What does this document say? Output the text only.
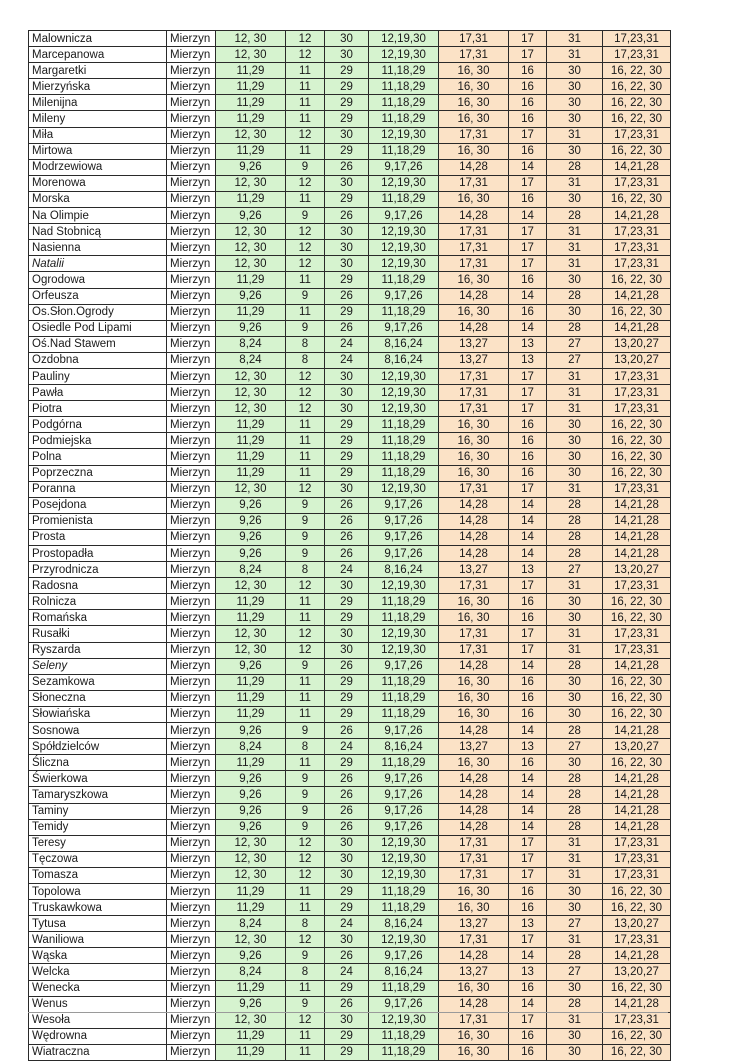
Malownicza	Mierzyn	12, 30	12	30	12,19,30	17,31	17	31	17,23,31
Marcepanowa	Mierzyn	12, 30	12	30	12,19,30	17,31	17	31	17,23,31
Margaretki	Mierzyn	11,29	11	29	11,18,29	16, 30	16	30	16, 22, 30
Mierzyńska	Mierzyn	11,29	11	29	11,18,29	16, 30	16	30	16, 22, 30
Milenijna	Mierzyn	11,29	11	29	11,18,29	16, 30	16	30	16, 22, 30
Mileny	Mierzyn	11,29	11	29	11,18,29	16, 30	16	30	16, 22, 30
Miła	Mierzyn	12, 30	12	30	12,19,30	17,31	17	31	17,23,31
Mirtowa	Mierzyn	11,29	11	29	11,18,29	16, 30	16	30	16, 22, 30
Modrzewiowa	Mierzyn	9,26	9	26	9,17,26	14,28	14	28	14,21,28
Morenowa	Mierzyn	12, 30	12	30	12,19,30	17,31	17	31	17,23,31
Morska	Mierzyn	11,29	11	29	11,18,29	16, 30	16	30	16, 22, 30
Na Olimpie	Mierzyn	9,26	9	26	9,17,26	14,28	14	28	14,21,28
Nad Stobnicą	Mierzyn	12, 30	12	30	12,19,30	17,31	17	31	17,23,31
Nasienna	Mierzyn	12, 30	12	30	12,19,30	17,31	17	31	17,23,31
Natalii	Mierzyn	12, 30	12	30	12,19,30	17,31	17	31	17,23,31
Ogrodowa	Mierzyn	11,29	11	29	11,18,29	16, 30	16	30	16, 22, 30
Orfeusza	Mierzyn	9,26	9	26	9,17,26	14,28	14	28	14,21,28
Os.Słon.Ogrody	Mierzyn	11,29	11	29	11,18,29	16, 30	16	30	16, 22, 30
Osiedle Pod Lipami	Mierzyn	9,26	9	26	9,17,26	14,28	14	28	14,21,28
Oś.Nad Stawem	Mierzyn	8,24	8	24	8,16,24	13,27	13	27	13,20,27
Ozdobna	Mierzyn	8,24	8	24	8,16,24	13,27	13	27	13,20,27
Pauliny	Mierzyn	12, 30	12	30	12,19,30	17,31	17	31	17,23,31
Pawła	Mierzyn	12, 30	12	30	12,19,30	17,31	17	31	17,23,31
Piotra	Mierzyn	12, 30	12	30	12,19,30	17,31	17	31	17,23,31
Podgórna	Mierzyn	11,29	11	29	11,18,29	16, 30	16	30	16, 22, 30
Podmiejska	Mierzyn	11,29	11	29	11,18,29	16, 30	16	30	16, 22, 30
Polna	Mierzyn	11,29	11	29	11,18,29	16, 30	16	30	16, 22, 30
Poprzeczna	Mierzyn	11,29	11	29	11,18,29	16, 30	16	30	16, 22, 30
Poranna	Mierzyn	12, 30	12	30	12,19,30	17,31	17	31	17,23,31
Posejdona	Mierzyn	9,26	9	26	9,17,26	14,28	14	28	14,21,28
Promienista	Mierzyn	9,26	9	26	9,17,26	14,28	14	28	14,21,28
Prosta	Mierzyn	9,26	9	26	9,17,26	14,28	14	28	14,21,28
Prostopadła	Mierzyn	9,26	9	26	9,17,26	14,28	14	28	14,21,28
Przyrodnicza	Mierzyn	8,24	8	24	8,16,24	13,27	13	27	13,20,27
Radosna	Mierzyn	12, 30	12	30	12,19,30	17,31	17	31	17,23,31
Rolnicza	Mierzyn	11,29	11	29	11,18,29	16, 30	16	30	16, 22, 30
Romańska	Mierzyn	11,29	11	29	11,18,29	16, 30	16	30	16, 22, 30
Rusałki	Mierzyn	12, 30	12	30	12,19,30	17,31	17	31	17,23,31
Ryszarda	Mierzyn	12, 30	12	30	12,19,30	17,31	17	31	17,23,31
Seleny	Mierzyn	9,26	9	26	9,17,26	14,28	14	28	14,21,28
Sezamkowa	Mierzyn	11,29	11	29	11,18,29	16, 30	16	30	16, 22, 30
Słoneczna	Mierzyn	11,29	11	29	11,18,29	16, 30	16	30	16, 22, 30
Słowiańska	Mierzyn	11,29	11	29	11,18,29	16, 30	16	30	16, 22, 30
Sosnowa	Mierzyn	9,26	9	26	9,17,26	14,28	14	28	14,21,28
Spółdzielców	Mierzyn	8,24	8	24	8,16,24	13,27	13	27	13,20,27
Śliczna	Mierzyn	11,29	11	29	11,18,29	16, 30	16	30	16, 22, 30
Świerkowa	Mierzyn	9,26	9	26	9,17,26	14,28	14	28	14,21,28
Tamaryszkowa	Mierzyn	9,26	9	26	9,17,26	14,28	14	28	14,21,28
Taminy	Mierzyn	9,26	9	26	9,17,26	14,28	14	28	14,21,28
Temidy	Mierzyn	9,26	9	26	9,17,26	14,28	14	28	14,21,28
Teresy	Mierzyn	12, 30	12	30	12,19,30	17,31	17	31	17,23,31
Tęczowa	Mierzyn	12, 30	12	30	12,19,30	17,31	17	31	17,23,31
Tomasza	Mierzyn	12, 30	12	30	12,19,30	17,31	17	31	17,23,31
Topolowa	Mierzyn	11,29	11	29	11,18,29	16, 30	16	30	16, 22, 30
Truskawkowa	Mierzyn	11,29	11	29	11,18,29	16, 30	16	30	16, 22, 30
Tytusa	Mierzyn	8,24	8	24	8,16,24	13,27	13	27	13,20,27
Waniliowa	Mierzyn	12, 30	12	30	12,19,30	17,31	17	31	17,23,31
Wąska	Mierzyn	9,26	9	26	9,17,26	14,28	14	28	14,21,28
Welcka	Mierzyn	8,24	8	24	8,16,24	13,27	13	27	13,20,27
Wenecka	Mierzyn	11,29	11	29	11,18,29	16, 30	16	30	16, 22, 30
Wenus	Mierzyn	9,26	9	26	9,17,26	14,28	14	28	14,21,28
Wesoła	Mierzyn	12, 30	12	30	12,19,30	17,31	17	31	17,23,31
Wędrowna	Mierzyn	11,29	11	29	11,18,29	16, 30	16	30	16, 22, 30
Wiatraczna	Mierzyn	11,29	11	29	11,18,29	16, 30	16	30	16, 22, 30
